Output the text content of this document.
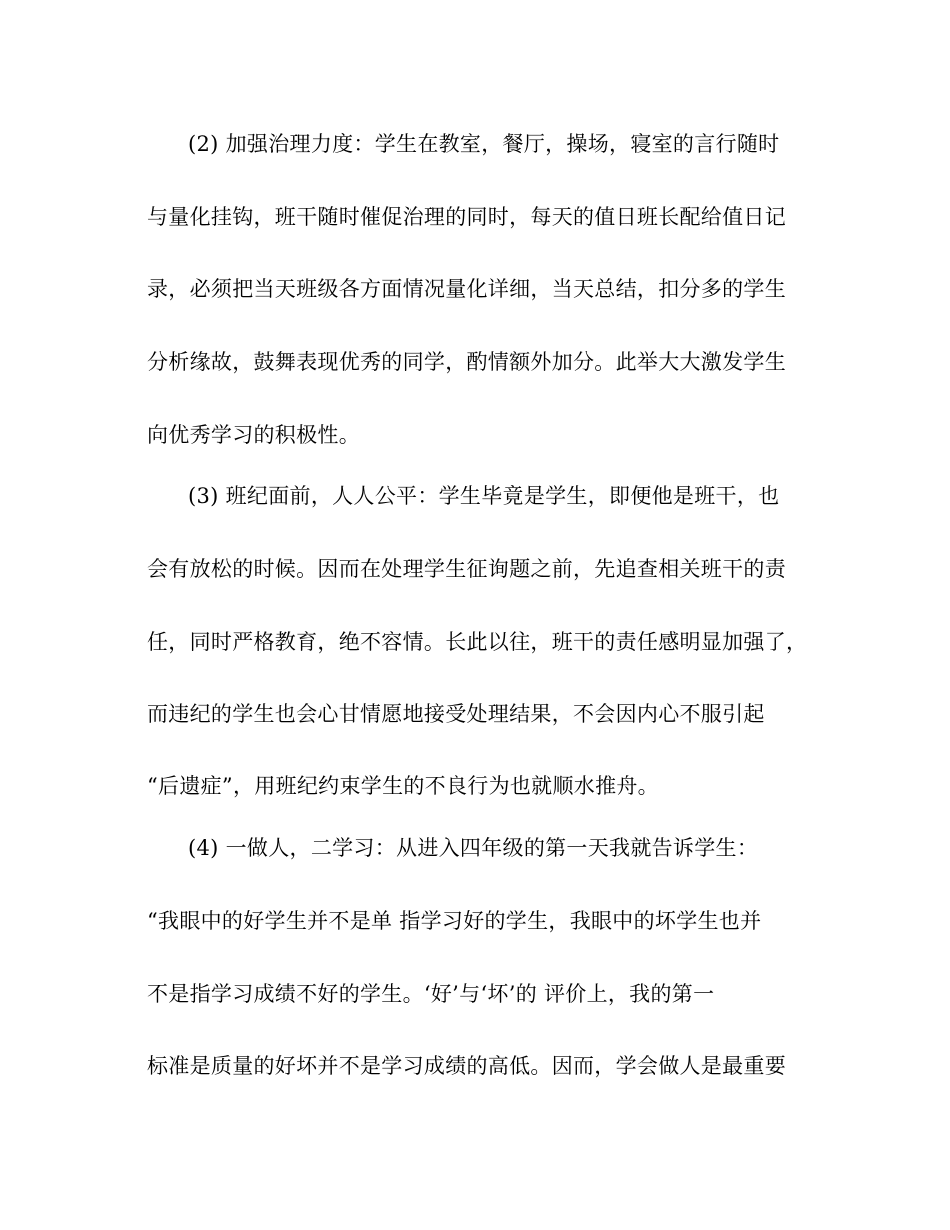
(2) 加强治理力度：学生在教室，餐厅，操场，寝室的言行随时
与量化挂钩，班干随时催促治理的同时，每天的值日班长配给值日记
录，必须把当天班级各方面情况量化详细，当天总结，扣分多的学生
分析缘故，鼓舞表现优秀的同学，酌情额外加分。此举大大激发学生
向优秀学习的积极性。
(3) 班纪面前，人人公平：学生毕竟是学生，即便他是班干，也
会有放松的时候。因而在处理学生征询题之前，先追查相关班干的责
任，同时严格教育，绝不容情。长此以往，班干的责任感明显加强了，
而违纪的学生也会心甘情愿地接受处理结果，不会因内心不服引起
“后遗症”，用班纪约束学生的不良行为也就顺水推舟。
(4) 一做人，二学习：从进入四年级的第一天我就告诉学生：
“我眼中的好学生并不是单 指学习好的学生，我眼中的坏学生也并
不是指学习成绩不好的学生。‘好’与‘坏’的 评价上，我的第一
标准是质量的好坏并不是学习成绩的高低。因而，学会做人是最重要
